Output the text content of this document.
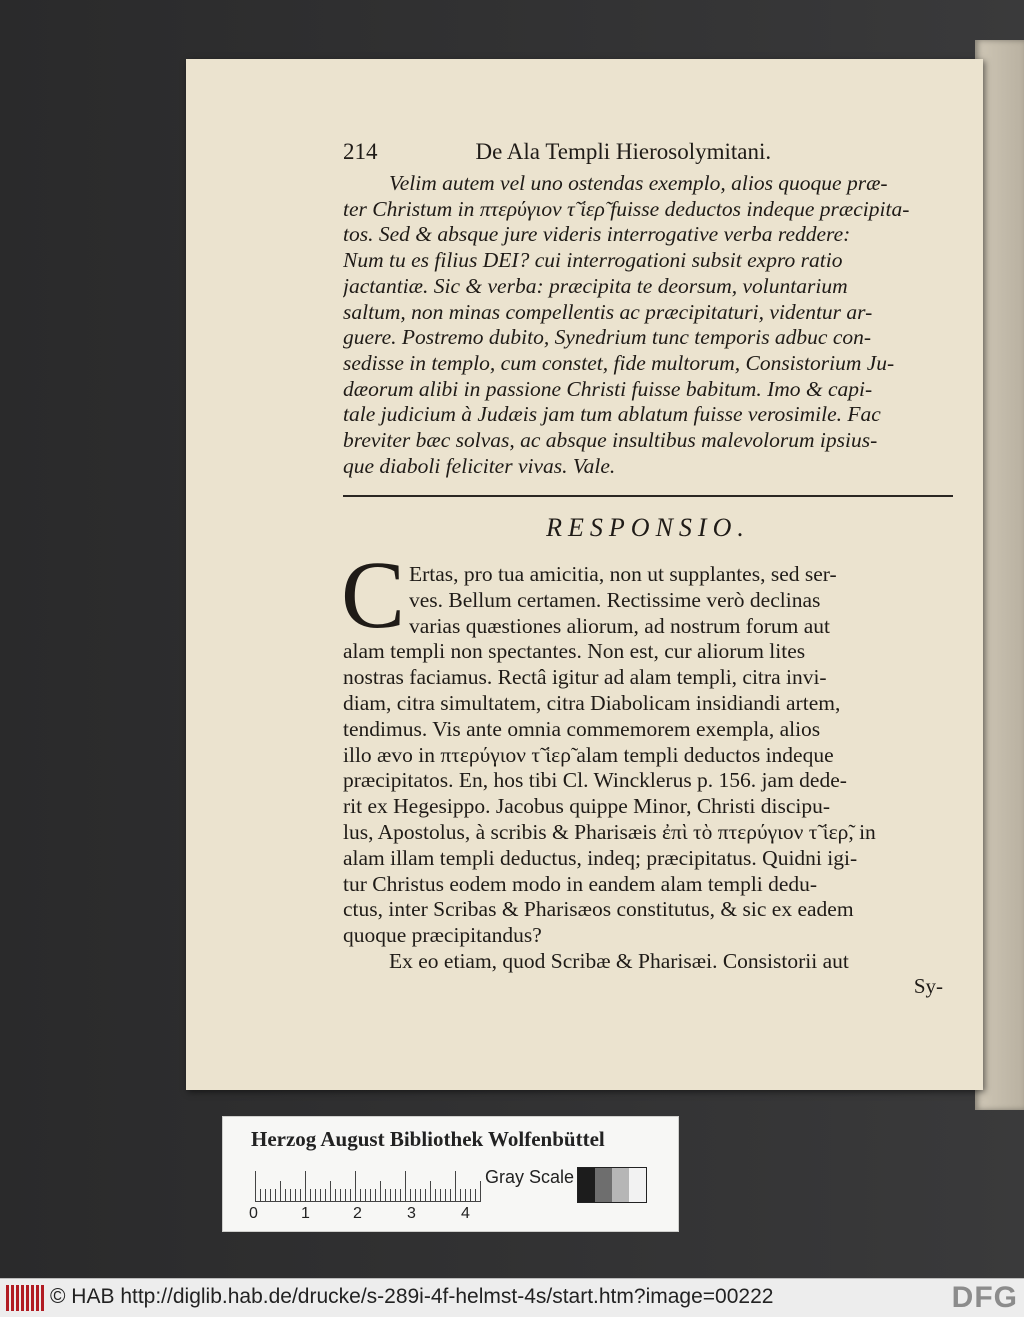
214	De Ala Templi Hierosolymitani.
Velim autem vel uno ostendas exemplo, alios quoque præ-
ter Christum in πτερύγιον τ̃ ἱερ̃ fuisse deductos indeque præcipita-
tos. Sed & absque jure videris interrogative verba reddere:
Num tu es filius DEI? cui interrogationi subsit expro ratio
jactantiæ. Sic & verba: præcipita te deorsum, voluntarium
saltum, non minas compellentis ac præcipitaturi, videntur ar-
guere. Postremo dubito, Synedrium tunc temporis adbuc con-
sedisse in templo, cum constet, fide multorum, Consistorium Ju-
dæorum alibi in passione Christi fuisse babitum. Imo & capi-
tale judicium à Judæis jam tum ablatum fuisse verosimile. Fac
breviter bæc solvas, ac absque insultibus malevolorum ipsius-
que diaboli feliciter vivas. Vale.
RESPONSIO.
C Ertas, pro tua amicitia, non ut supplantes, sed ser-
ves. Bellum certamen. Rectissime verò declinas
varias quæstiones aliorum, ad nostrum forum aut
alam templi non spectantes. Non est, cur aliorum lites
nostras faciamus. Rectâ igitur ad alam templi, citra invi-
diam, citra simultatem, citra Diabolicam insidiandi artem,
tendimus. Vis ante omnia commemorem exempla, alios
illo ævo in πτερύγιον τ̃ ἱερ̃ alam templi deductos indeque
præcipitatos. En, hos tibi Cl. Wincklerus p. 156. jam dede-
rit ex Hegesippo. Jacobus quippe Minor, Christi discipu-
lus, Apostolus, à scribis & Pharisæis ἐπὶ τὸ πτερύγιον τ̃ ἱερ̃, in
alam illam templi deductus, indeq; præcipitatus. Quidni igi-
tur Christus eodem modo in eandem alam templi dedu-
ctus, inter Scribas & Pharisæos constitutus, & sic ex eadem
quoque præcipitandus?
Ex eo etiam, quod Scribæ & Pharisæi. Consistorii aut
Sy-
Herzog August Bibliothek Wolfenbüttel
0	1	2	3	4
Gray Scale
© HAB http://diglib.hab.de/drucke/s-289i-4f-helmst-4s/start.htm?image=00222	DFG
